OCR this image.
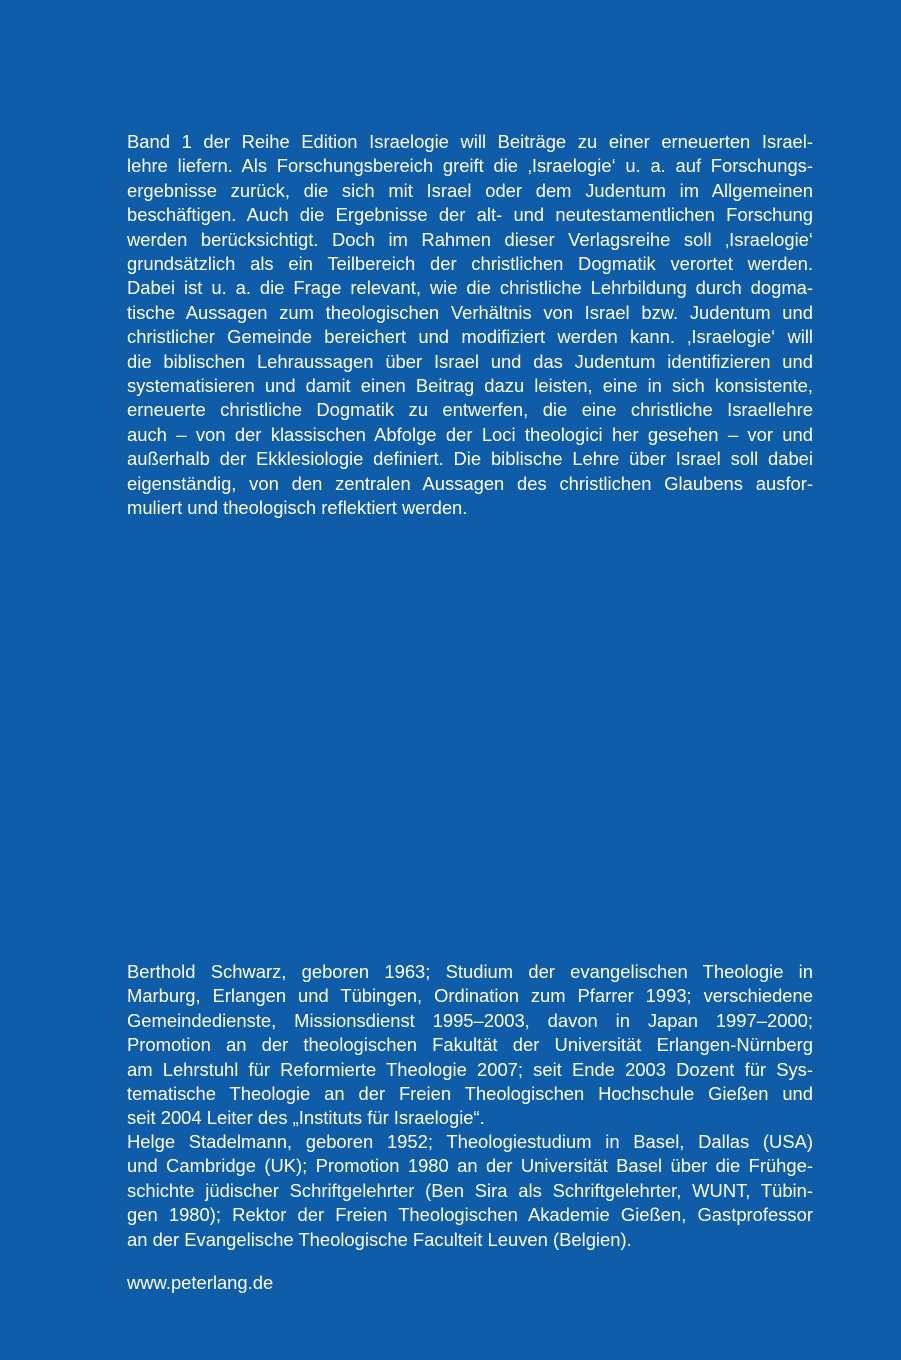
Band 1 der Reihe Edition Israelogie will Beiträge zu einer erneuerten Israel-
lehre liefern. Als Forschungsbereich greift die ‚Israelogie‘ u. a. auf Forschungs-
ergebnisse zurück, die sich mit Israel oder dem Judentum im Allgemeinen
beschäftigen. Auch die Ergebnisse der alt- und neutestamentlichen Forschung
werden berücksichtigt. Doch im Rahmen dieser Verlagsreihe soll ‚Israelogie‘
grundsätzlich als ein Teilbereich der christlichen Dogmatik verortet werden.
Dabei ist u. a. die Frage relevant, wie die christliche Lehrbildung durch dogma-
tische Aussagen zum theologischen Verhältnis von Israel bzw. Judentum und
christlicher Gemeinde bereichert und modifiziert werden kann. ‚Israelogie‘ will
die biblischen Lehraussagen über Israel und das Judentum identifizieren und
systematisieren und damit einen Beitrag dazu leisten, eine in sich konsistente,
erneuerte christliche Dogmatik zu entwerfen, die eine christliche Israellehre
auch – von der klassischen Abfolge der Loci theologici her gesehen – vor und
außerhalb der Ekklesiologie definiert. Die biblische Lehre über Israel soll dabei
eigenständig, von den zentralen Aussagen des christlichen Glaubens ausfor-
muliert und theologisch reflektiert werden.
Berthold Schwarz, geboren 1963; Studium der evangelischen Theologie in
Marburg, Erlangen und Tübingen, Ordination zum Pfarrer 1993; verschiedene
Gemeindedienste, Missionsdienst 1995–2003, davon in Japan 1997–2000;
Promotion an der theologischen Fakultät der Universität Erlangen-Nürnberg
am Lehrstuhl für Reformierte Theologie 2007; seit Ende 2003 Dozent für Sys-
tematische Theologie an der Freien Theologischen Hochschule Gießen und
seit 2004 Leiter des „Instituts für Israelogie“.
Helge Stadelmann, geboren 1952; Theologiestudium in Basel, Dallas (USA)
und Cambridge (UK); Promotion 1980 an der Universität Basel über die Frühge-
schichte jüdischer Schriftgelehrter (Ben Sira als Schriftgelehrter, WUNT, Tübin-
gen 1980); Rektor der Freien Theologischen Akademie Gießen, Gastprofessor
an der Evangelische Theologische Faculteit Leuven (Belgien).
www.peterlang.de
